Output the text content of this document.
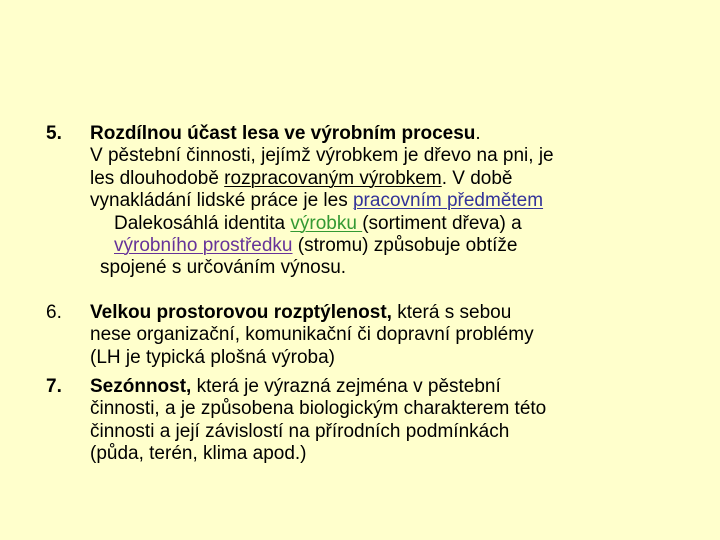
5.	Rozdílnou účast lesa ve výrobním procesu.
V pěstební činnosti, jejímž výrobkem je dřevo na pni, je
les dlouhodobě rozpracovaným výrobkem. V době
vynakládání lidské práce je les pracovním předmětem
Dalekosáhlá identita výrobku (sortiment dřeva) a
výrobního prostředku (stromu) způsobuje obtíže
spojené s určováním výnosu.
6.	Velkou prostorovou rozptýlenost, která s sebou
nese organizační, komunikační či dopravní problémy
(LH je typická plošná výroba)
7.	Sezónnost, která je výrazná zejména v pěstební
činnosti, a je způsobena biologickým charakterem této
činnosti a její závislostí na přírodních podmínkách
(půda, terén, klima apod.)
